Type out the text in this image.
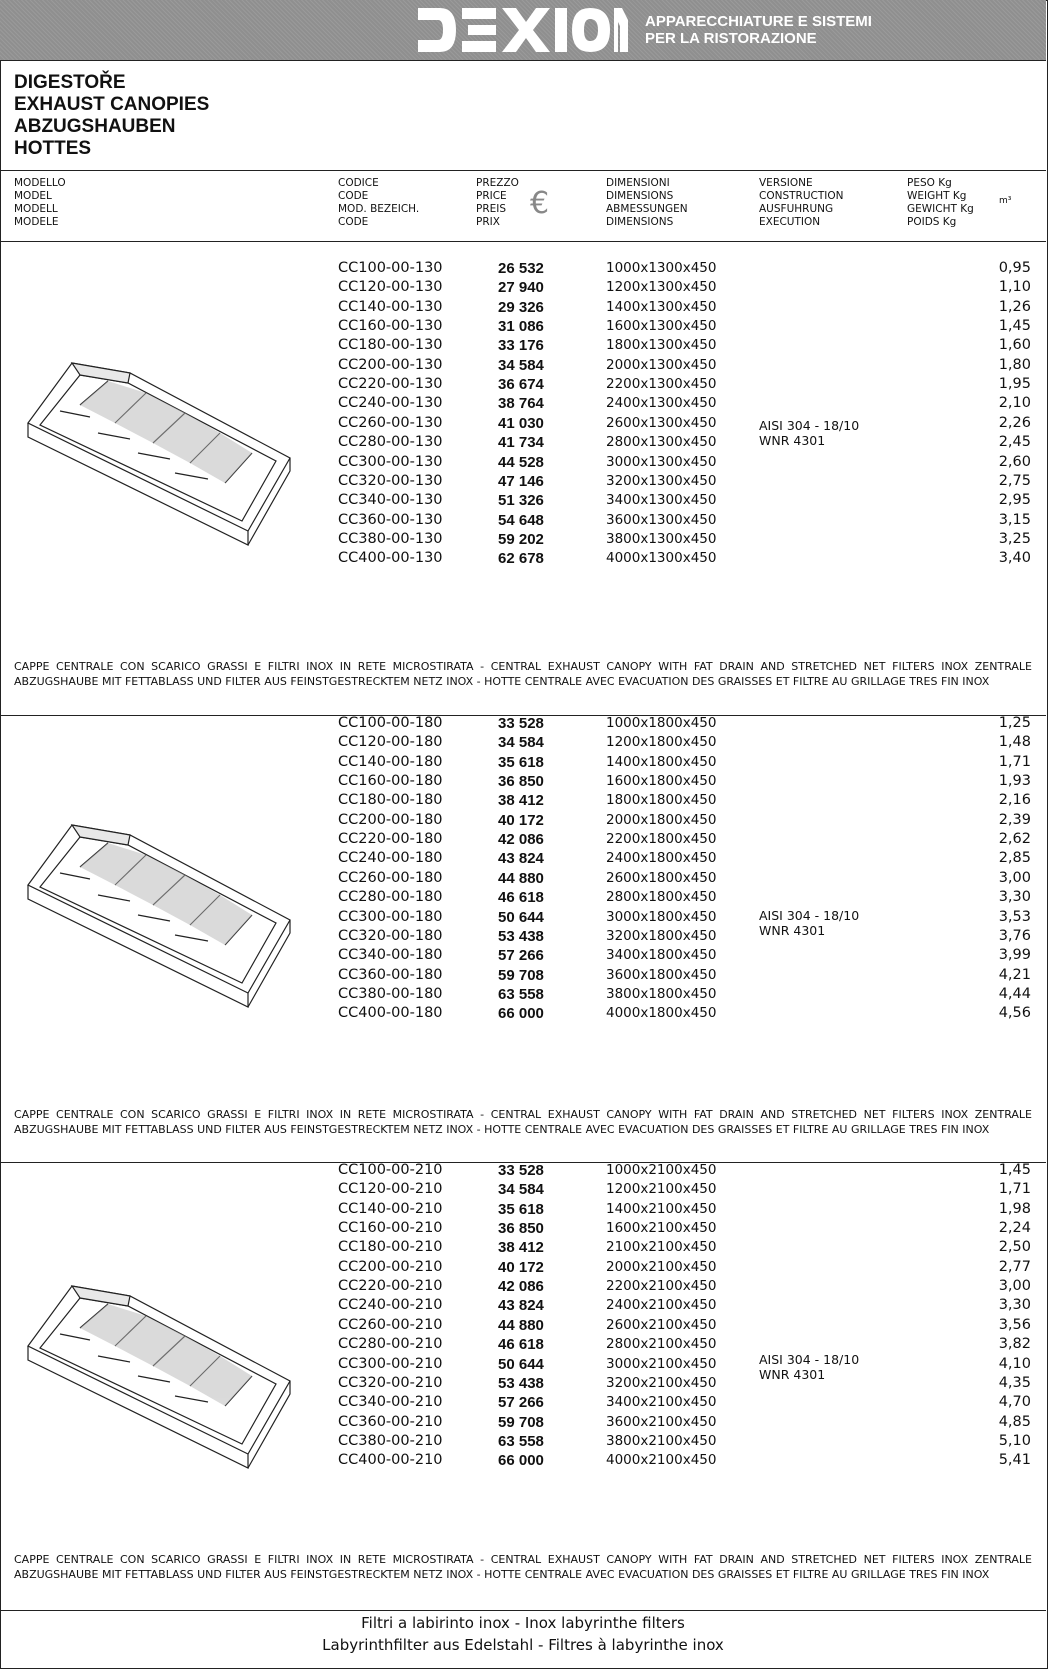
APPARECCHIATURE E SISTEMI
PER LA RISTORAZIONE
DIGESTOŘE
EXHAUST CANOPIES
ABZUGSHAUBEN
HOTTES
MODELLO
MODEL
MODELL
MODELE
CODICE
CODE
MOD. BEZEICH.
CODE
PREZZO
PRICE
PREIS
PRIX
€
DIMENSIONI
DIMENSIONS
ABMESSUNGEN
DIMENSIONS
VERSIONE
CONSTRUCTION
AUSFUHRUNG
EXECUTION
PESO Kg
WEIGHT Kg
GEWICHT Kg
POIDS Kg
m³
CC100-00-130	26 532	1000x1300x450	0,95
CC120-00-130	27 940	1200x1300x450	1,10
CC140-00-130	29 326	1400x1300x450	1,26
CC160-00-130	31 086	1600x1300x450	1,45
CC180-00-130	33 176	1800x1300x450	1,60
CC200-00-130	34 584	2000x1300x450	1,80
CC220-00-130	36 674	2200x1300x450	1,95
CC240-00-130	38 764	2400x1300x450	2,10
CC260-00-130	41 030	2600x1300x450	2,26
CC280-00-130	41 734	2800x1300x450	2,45
CC300-00-130	44 528	3000x1300x450	2,60
CC320-00-130	47 146	3200x1300x450	2,75
CC340-00-130	51 326	3400x1300x450	2,95
CC360-00-130	54 648	3600x1300x450	3,15
CC380-00-130	59 202	3800x1300x450	3,25
CC400-00-130	62 678	4000x1300x450	3,40
AISI 304 - 18/10
WNR 4301
CAPPE CENTRALE CON SCARICO GRASSI E FILTRI INOX IN RETE MICROSTIRATA - CENTRAL EXHAUST CANOPY WITH FAT DRAIN AND STRETCHED NET FILTERS INOX ZENTRALE ABZUGSHAUBE MIT FETTABLASS UND FILTER AUS FEINSTGESTRECKTEM NETZ INOX - HOTTE CENTRALE AVEC EVACUATION DES GRAISSES ET FILTRE AU GRILLAGE TRES FIN INOX
CC100-00-180	33 528	1000x1800x450	1,25
CC120-00-180	34 584	1200x1800x450	1,48
CC140-00-180	35 618	1400x1800x450	1,71
CC160-00-180	36 850	1600x1800x450	1,93
CC180-00-180	38 412	1800x1800x450	2,16
CC200-00-180	40 172	2000x1800x450	2,39
CC220-00-180	42 086	2200x1800x450	2,62
CC240-00-180	43 824	2400x1800x450	2,85
CC260-00-180	44 880	2600x1800x450	3,00
CC280-00-180	46 618	2800x1800x450	3,30
CC300-00-180	50 644	3000x1800x450	3,53
CC320-00-180	53 438	3200x1800x450	3,76
CC340-00-180	57 266	3400x1800x450	3,99
CC360-00-180	59 708	3600x1800x450	4,21
CC380-00-180	63 558	3800x1800x450	4,44
CC400-00-180	66 000	4000x1800x450	4,56
AISI 304 - 18/10
WNR 4301
CAPPE CENTRALE CON SCARICO GRASSI E FILTRI INOX IN RETE MICROSTIRATA - CENTRAL EXHAUST CANOPY WITH FAT DRAIN AND STRETCHED NET FILTERS INOX ZENTRALE ABZUGSHAUBE MIT FETTABLASS UND FILTER AUS FEINSTGESTRECKTEM NETZ INOX - HOTTE CENTRALE AVEC EVACUATION DES GRAISSES ET FILTRE AU GRILLAGE TRES FIN INOX
CC100-00-210	33 528	1000x2100x450	1,45
CC120-00-210	34 584	1200x2100x450	1,71
CC140-00-210	35 618	1400x2100x450	1,98
CC160-00-210	36 850	1600x2100x450	2,24
CC180-00-210	38 412	2100x2100x450	2,50
CC200-00-210	40 172	2000x2100x450	2,77
CC220-00-210	42 086	2200x2100x450	3,00
CC240-00-210	43 824	2400x2100x450	3,30
CC260-00-210	44 880	2600x2100x450	3,56
CC280-00-210	46 618	2800x2100x450	3,82
CC300-00-210	50 644	3000x2100x450	4,10
CC320-00-210	53 438	3200x2100x450	4,35
CC340-00-210	57 266	3400x2100x450	4,70
CC360-00-210	59 708	3600x2100x450	4,85
CC380-00-210	63 558	3800x2100x450	5,10
CC400-00-210	66 000	4000x2100x450	5,41
AISI 304 - 18/10
WNR 4301
CAPPE CENTRALE CON SCARICO GRASSI E FILTRI INOX IN RETE MICROSTIRATA - CENTRAL EXHAUST CANOPY WITH FAT DRAIN AND STRETCHED NET FILTERS INOX ZENTRALE ABZUGSHAUBE MIT FETTABLASS UND FILTER AUS FEINSTGESTRECKTEM NETZ INOX - HOTTE CENTRALE AVEC EVACUATION DES GRAISSES ET FILTRE AU GRILLAGE TRES FIN INOX
Filtri a labirinto inox - Inox labyrinthe filters
Labyrinthfilter aus Edelstahl - Filtres à labyrinthe inox
